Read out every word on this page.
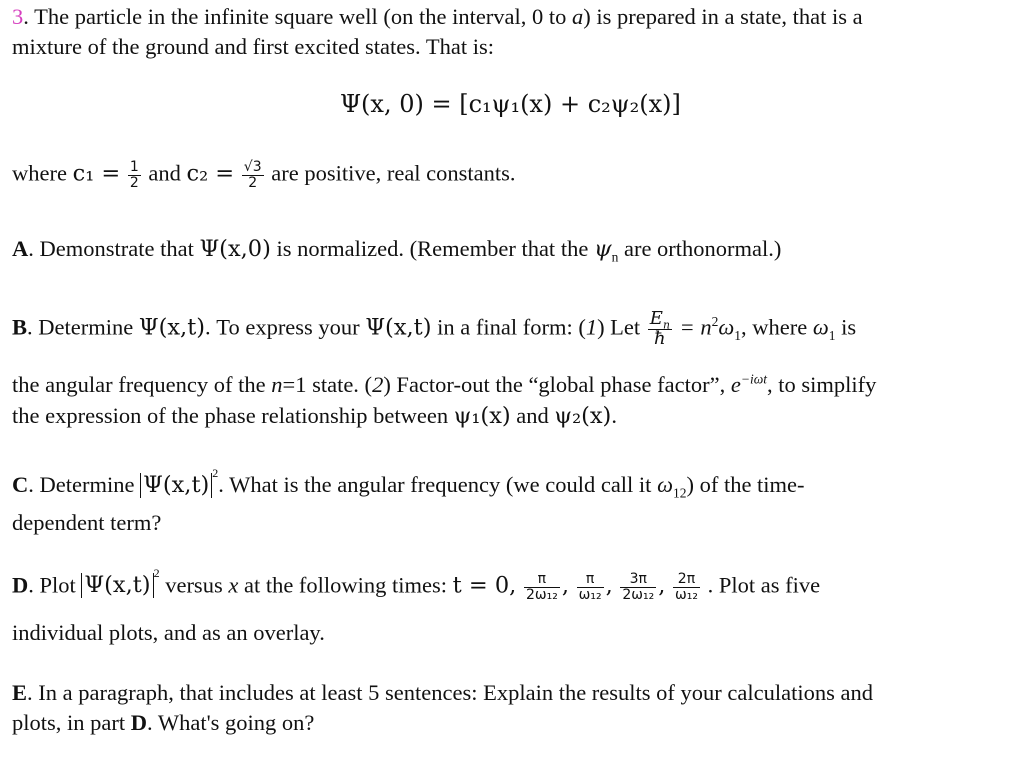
3. The particle in the infinite square well (on the interval, 0 to a) is prepared in a state, that is a
mixture of the ground and first excited states. That is:
Ψ(x, 0) = [c₁ψ₁(x) + c₂ψ₂(x)]
where $c_1 = \frac{1}{2}$ and $c_2 = \frac{√3}{2}$ are positive, real constants.
A. Demonstrate that Ψ(x,0) is normalized. (Remember that the $\psi_n$ are orthonormal.)
B. Determine Ψ(x,t). To express your Ψ(x,t) in a final form: (1) Let $\frac{E_n}{ħ} = n^2\omega_1$, where $\omega_1$ is
the angular frequency of the n=1 state. (2) Factor-out the “global phase factor”, $e^{-i\omega t}$, to simplify
the expression of the phase relationship between ψ₁(x) and ψ₂(x).
C. Determine Ψ(x,t) $^2$. What is the angular frequency (we could call it $\omega_{12}$) of the time-
dependent term?
D. Plot Ψ(x,t) $^2$ versus x at the following times: t = 0, $\frac{\pi}{\text{2ω₁₂}}$ , $\frac{\pi}{\text{ω₁₂}}$ , $\frac{3\pi}{\text{2ω₁₂}}$ , $\frac{2\pi}{\text{ω₁₂}}$ . Plot as five
individual plots, and as an overlay.
E. In a paragraph, that includes at least 5 sentences: Explain the results of your calculations and
plots, in part D. What's going on?
